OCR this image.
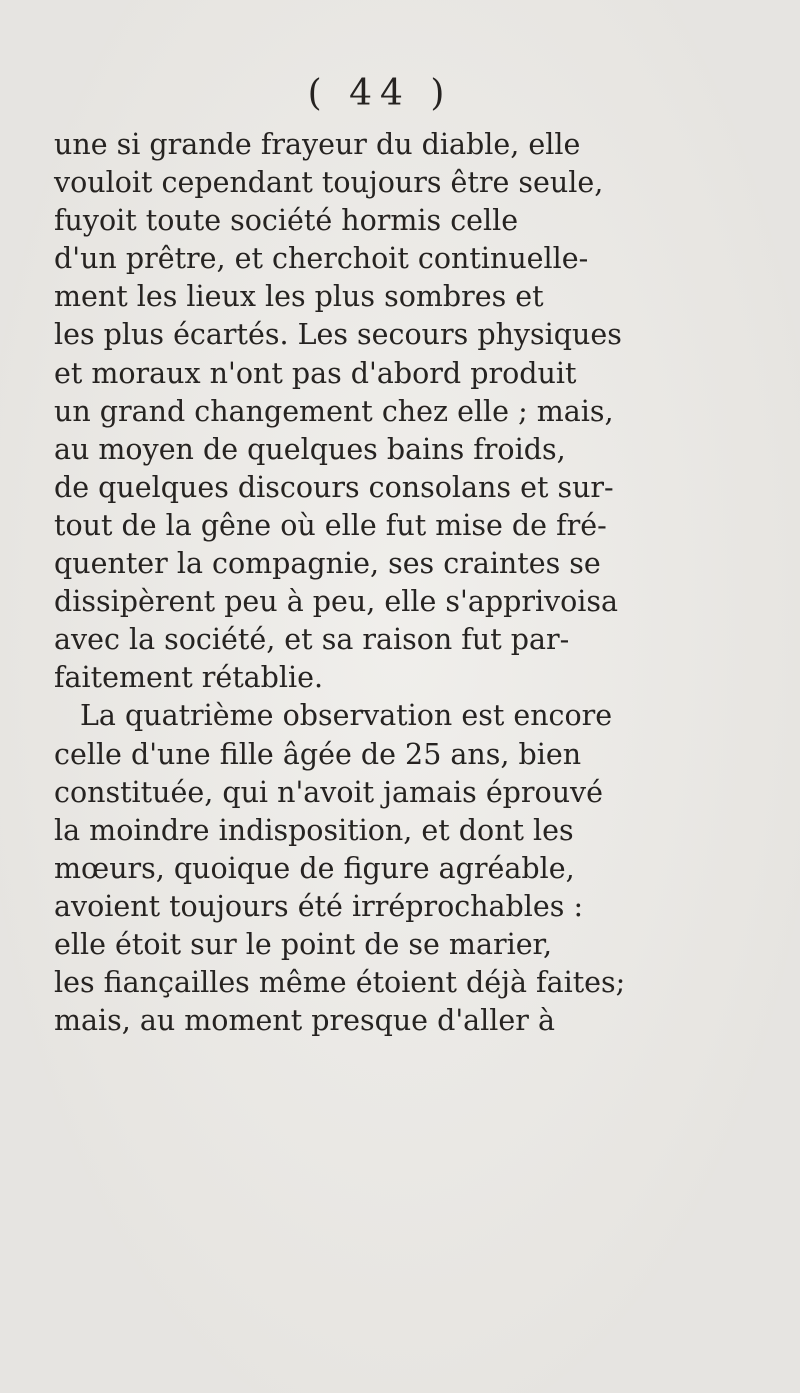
( 44 )
une si grande frayeur du diable, elle
vouloit cependant toujours être seule,
fuyoit toute société hormis celle
d'un prêtre, et cherchoit continuelle-
ment les lieux les plus sombres et
les plus écartés. Les secours physiques
et moraux n'ont pas d'abord produit
un grand changement chez elle ; mais,
au moyen de quelques bains froids,
de quelques discours consolans et sur-
tout de la gêne où elle fut mise de fré-
quenter la compagnie, ses craintes se
dissipèrent peu à peu, elle s'apprivoisa
avec la société, et sa raison fut par-
faitement rétablie.
La quatrième observation est encore
celle d'une fille âgée de 25 ans, bien
constituée, qui n'avoit jamais éprouvé
la moindre indisposition, et dont les
mœurs, quoique de figure agréable,
avoient toujours été irréprochables :
elle étoit sur le point de se marier,
les fiançailles même étoient déjà faites;
mais, au moment presque d'aller à
